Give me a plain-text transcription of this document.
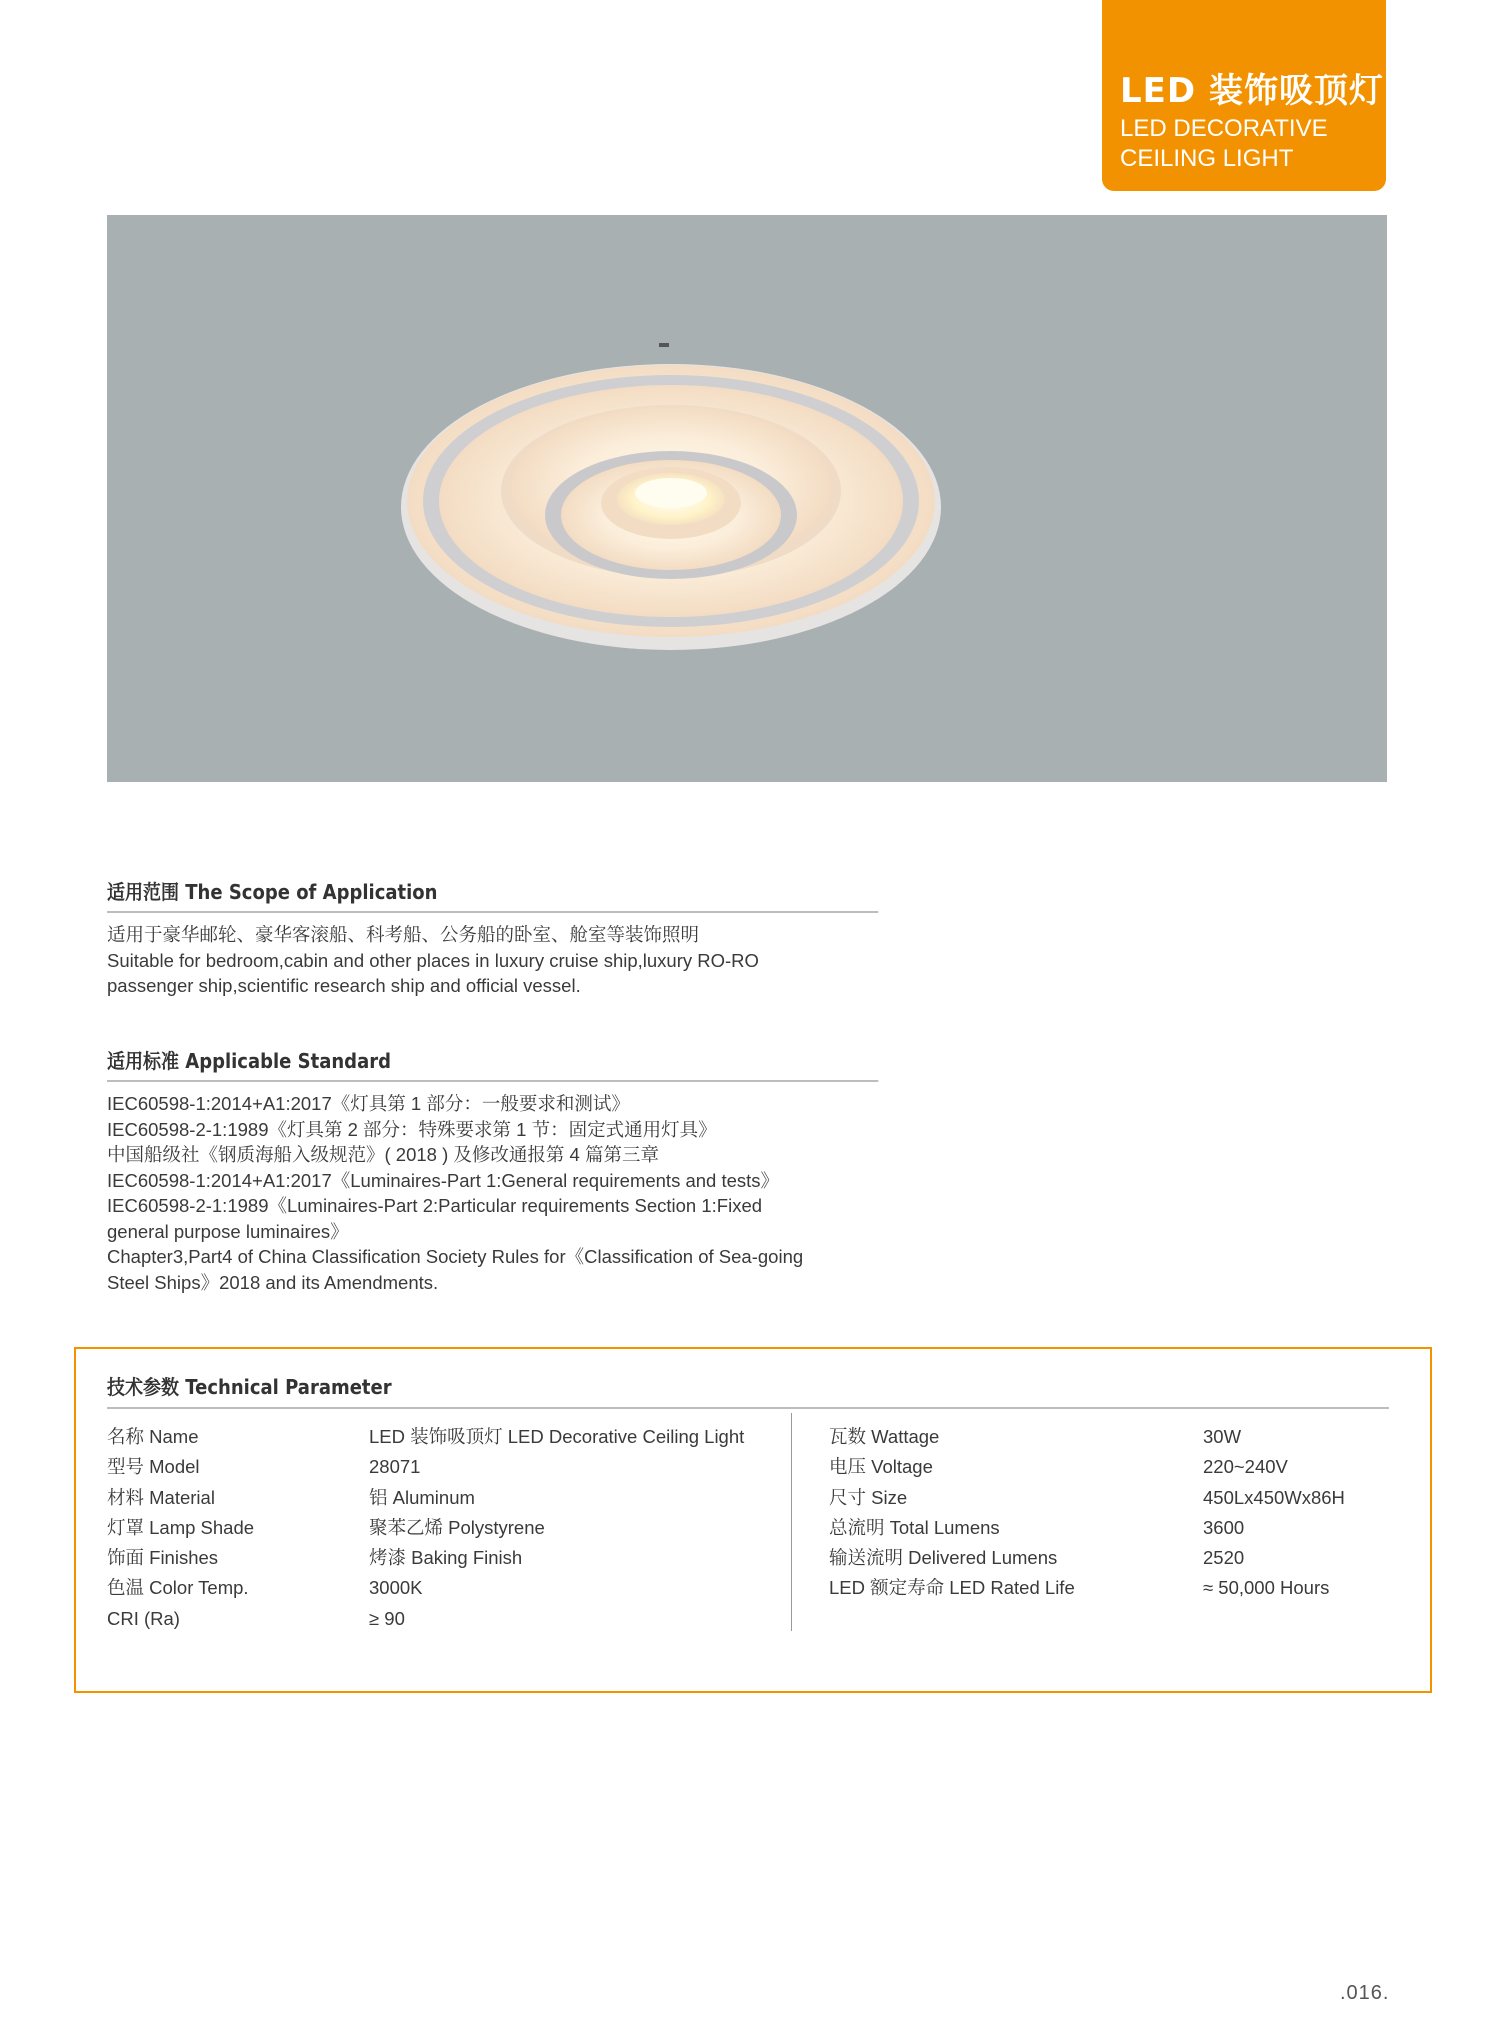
LED 装饰吸顶灯
LED DECORATIVE
CEILING LIGHT
适用范围 The Scope of Application
适用于豪华邮轮、豪华客滚船、科考船、公务船的卧室、舱室等装饰照明
Suitable for bedroom,cabin and other places in luxury cruise ship,luxury RO-RO
passenger ship,scientific research ship and official vessel.
适用标准 Applicable Standard
IEC60598-1:2014+A1:2017《灯具第 1 部分：一般要求和测试》
IEC60598-2-1:1989《灯具第 2 部分：特殊要求第 1 节：固定式通用灯具》
中国船级社《钢质海船入级规范》( 2018 ) 及修改通报第 4 篇第三章
IEC60598-1:2014+A1:2017《Luminaires-Part 1:General requirements and tests》
IEC60598-2-1:1989《Luminaires-Part 2:Particular requirements Section 1:Fixed
general purpose luminaires》
Chapter3,Part4 of China Classification Society Rules for《Classification of Sea-going
Steel Ships》2018 and its Amendments.
技术参数 Technical Parameter
名称 Name
型号 Model
材料 Material
灯罩 Lamp Shade
饰面 Finishes
色温 Color Temp.
CRI (Ra)
LED 装饰吸顶灯 LED Decorative Ceiling Light
28071
铝 Aluminum
聚苯乙烯 Polystyrene
烤漆 Baking Finish
3000K
≥ 90
瓦数 Wattage
电压 Voltage
尺寸 Size
总流明 Total Lumens
输送流明 Delivered Lumens
LED 额定寿命 LED Rated Life
30W
220~240V
450Lx450Wx86H
3600
2520
≈ 50,000 Hours
.016.
